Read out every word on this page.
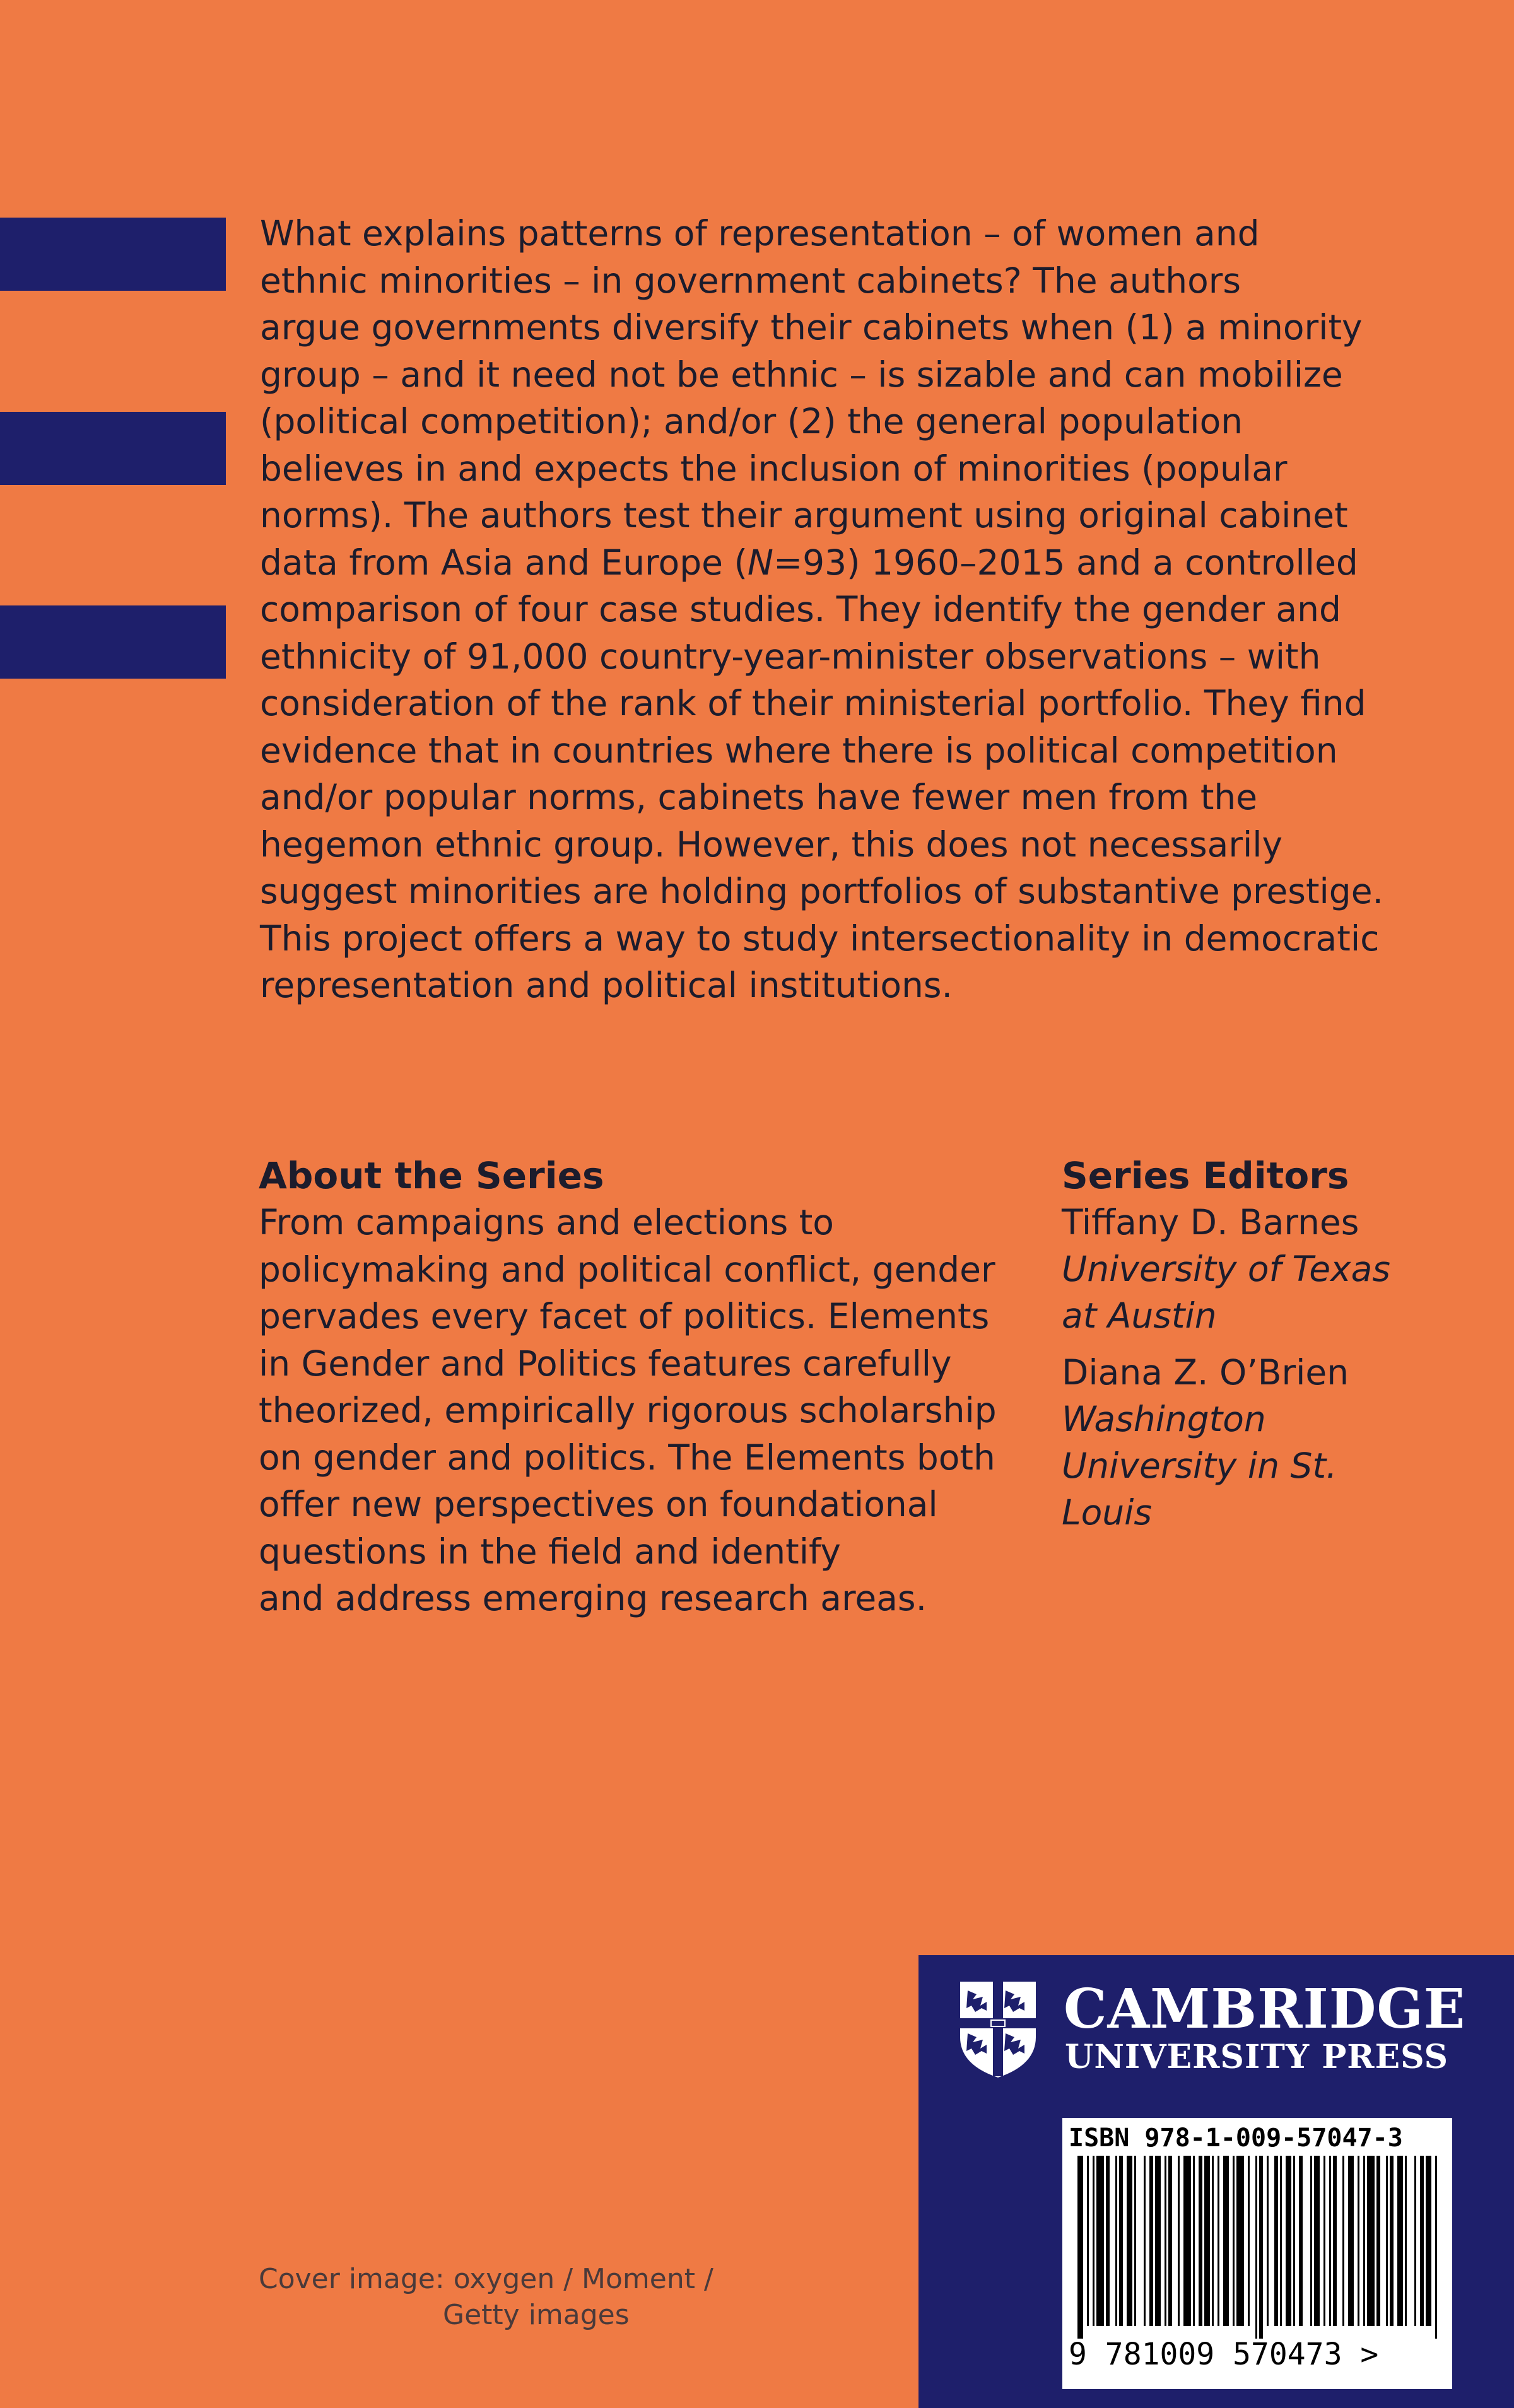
What explains patterns of representation – of women and
ethnic minorities – in government cabinets? The authors
argue governments diversify their cabinets when (1) a minority
group – and it need not be ethnic – is sizable and can mobilize
(political competition); and/or (2) the general population
believes in and expects the inclusion of minorities (popular
norms). The authors test their argument using original cabinet
data from Asia and Europe (N=93) 1960–2015 and a controlled
comparison of four case studies. They identify the gender and
ethnicity of 91,000 country-year-minister observations – with
consideration of the rank of their ministerial portfolio. They find
evidence that in countries where there is political competition
and/or popular norms, cabinets have fewer men from the
hegemon ethnic group. However, this does not necessarily
suggest minorities are holding portfolios of substantive prestige.
This project offers a way to study intersectionality in democratic
representation and political institutions.

About the Series

From campaigns and elections to
policymaking and political conflict, gender
pervades every facet of politics. Elements
in Gender and Politics features carefully
theorized, empirically rigorous scholarship
on gender and politics. The Elements both
offer new perspectives on foundational
questions in the field and identify
and address emerging research areas.

Series Editors

Tiffany D. Barnes

University of Texas
at Austin

Diana Z. O’Brien

Washington
University in St.
Louis

Cover image: oxygen / Moment /
Getty images

CAMBRIDGE

UNIVERSITY PRESS

ISBN 978-1-009-57047-3
9 781009 570473 >
